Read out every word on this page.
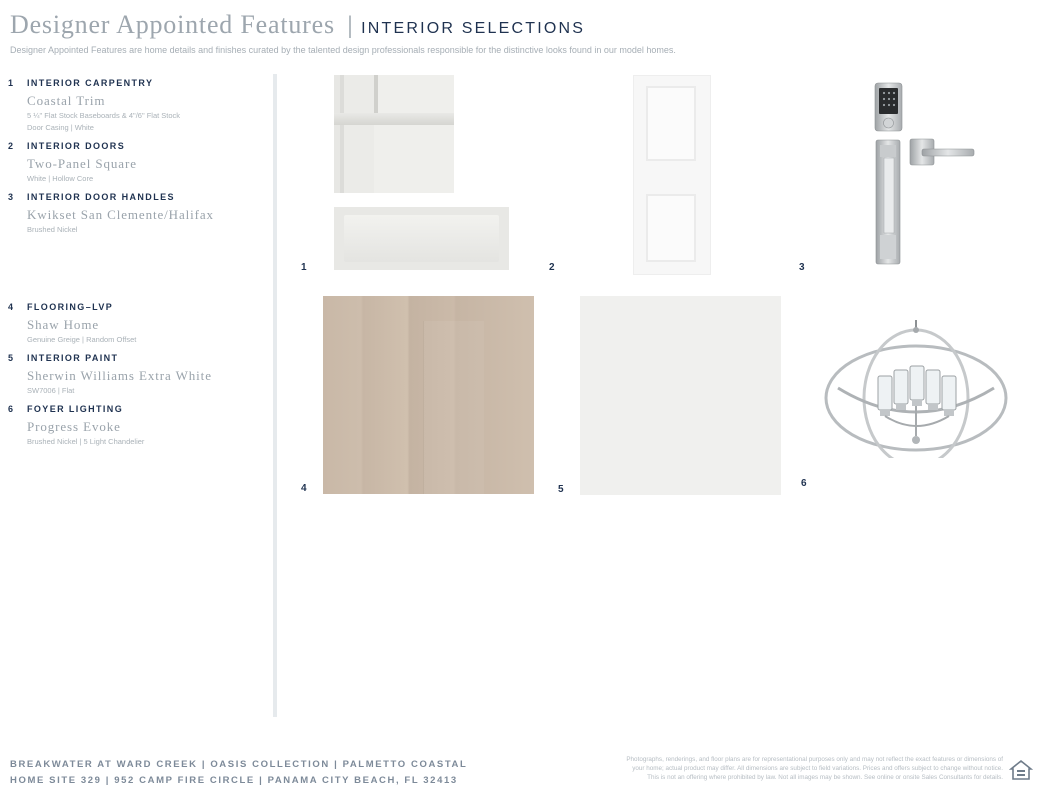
Designer Appointed Features | INTERIOR SELECTIONS
Designer Appointed Features are home details and finishes curated by the talented design professionals responsible for the distinctive looks found in our model homes.
1	INTERIOR CARPENTRY
Coastal Trim
5 ¼" Flat Stock Baseboards & 4"/6" Flat Stock
Door Casing | White
2	INTERIOR DOORS
Two-Panel Square
White | Hollow Core
3	INTERIOR DOOR HANDLES
Kwikset San Clemente/Halifax
Brushed Nickel
4	FLOORING–LVP
Shaw Home
Genuine Greige | Random Offset
5	INTERIOR PAINT
Sherwin Williams Extra White
SW7006 | Flat
6	FOYER LIGHTING
Progress Evoke
Brushed Nickel | 5 Light Chandelier
1	2	3
4	5
6
BREAKWATER AT WARD CREEK | OASIS COLLECTION | PALMETTO COASTAL
HOME SITE 329 | 952 CAMP FIRE CIRCLE | PANAMA CITY BEACH, FL 32413
Photographs, renderings, and floor plans are for representational purposes only and may not reflect the exact features or dimensions of
your home; actual product may differ. All dimensions are subject to field variations. Prices and offers subject to change without notice.
This is not an offering where prohibited by law. Not all images may be shown. See online or onsite Sales Consultants for details.
